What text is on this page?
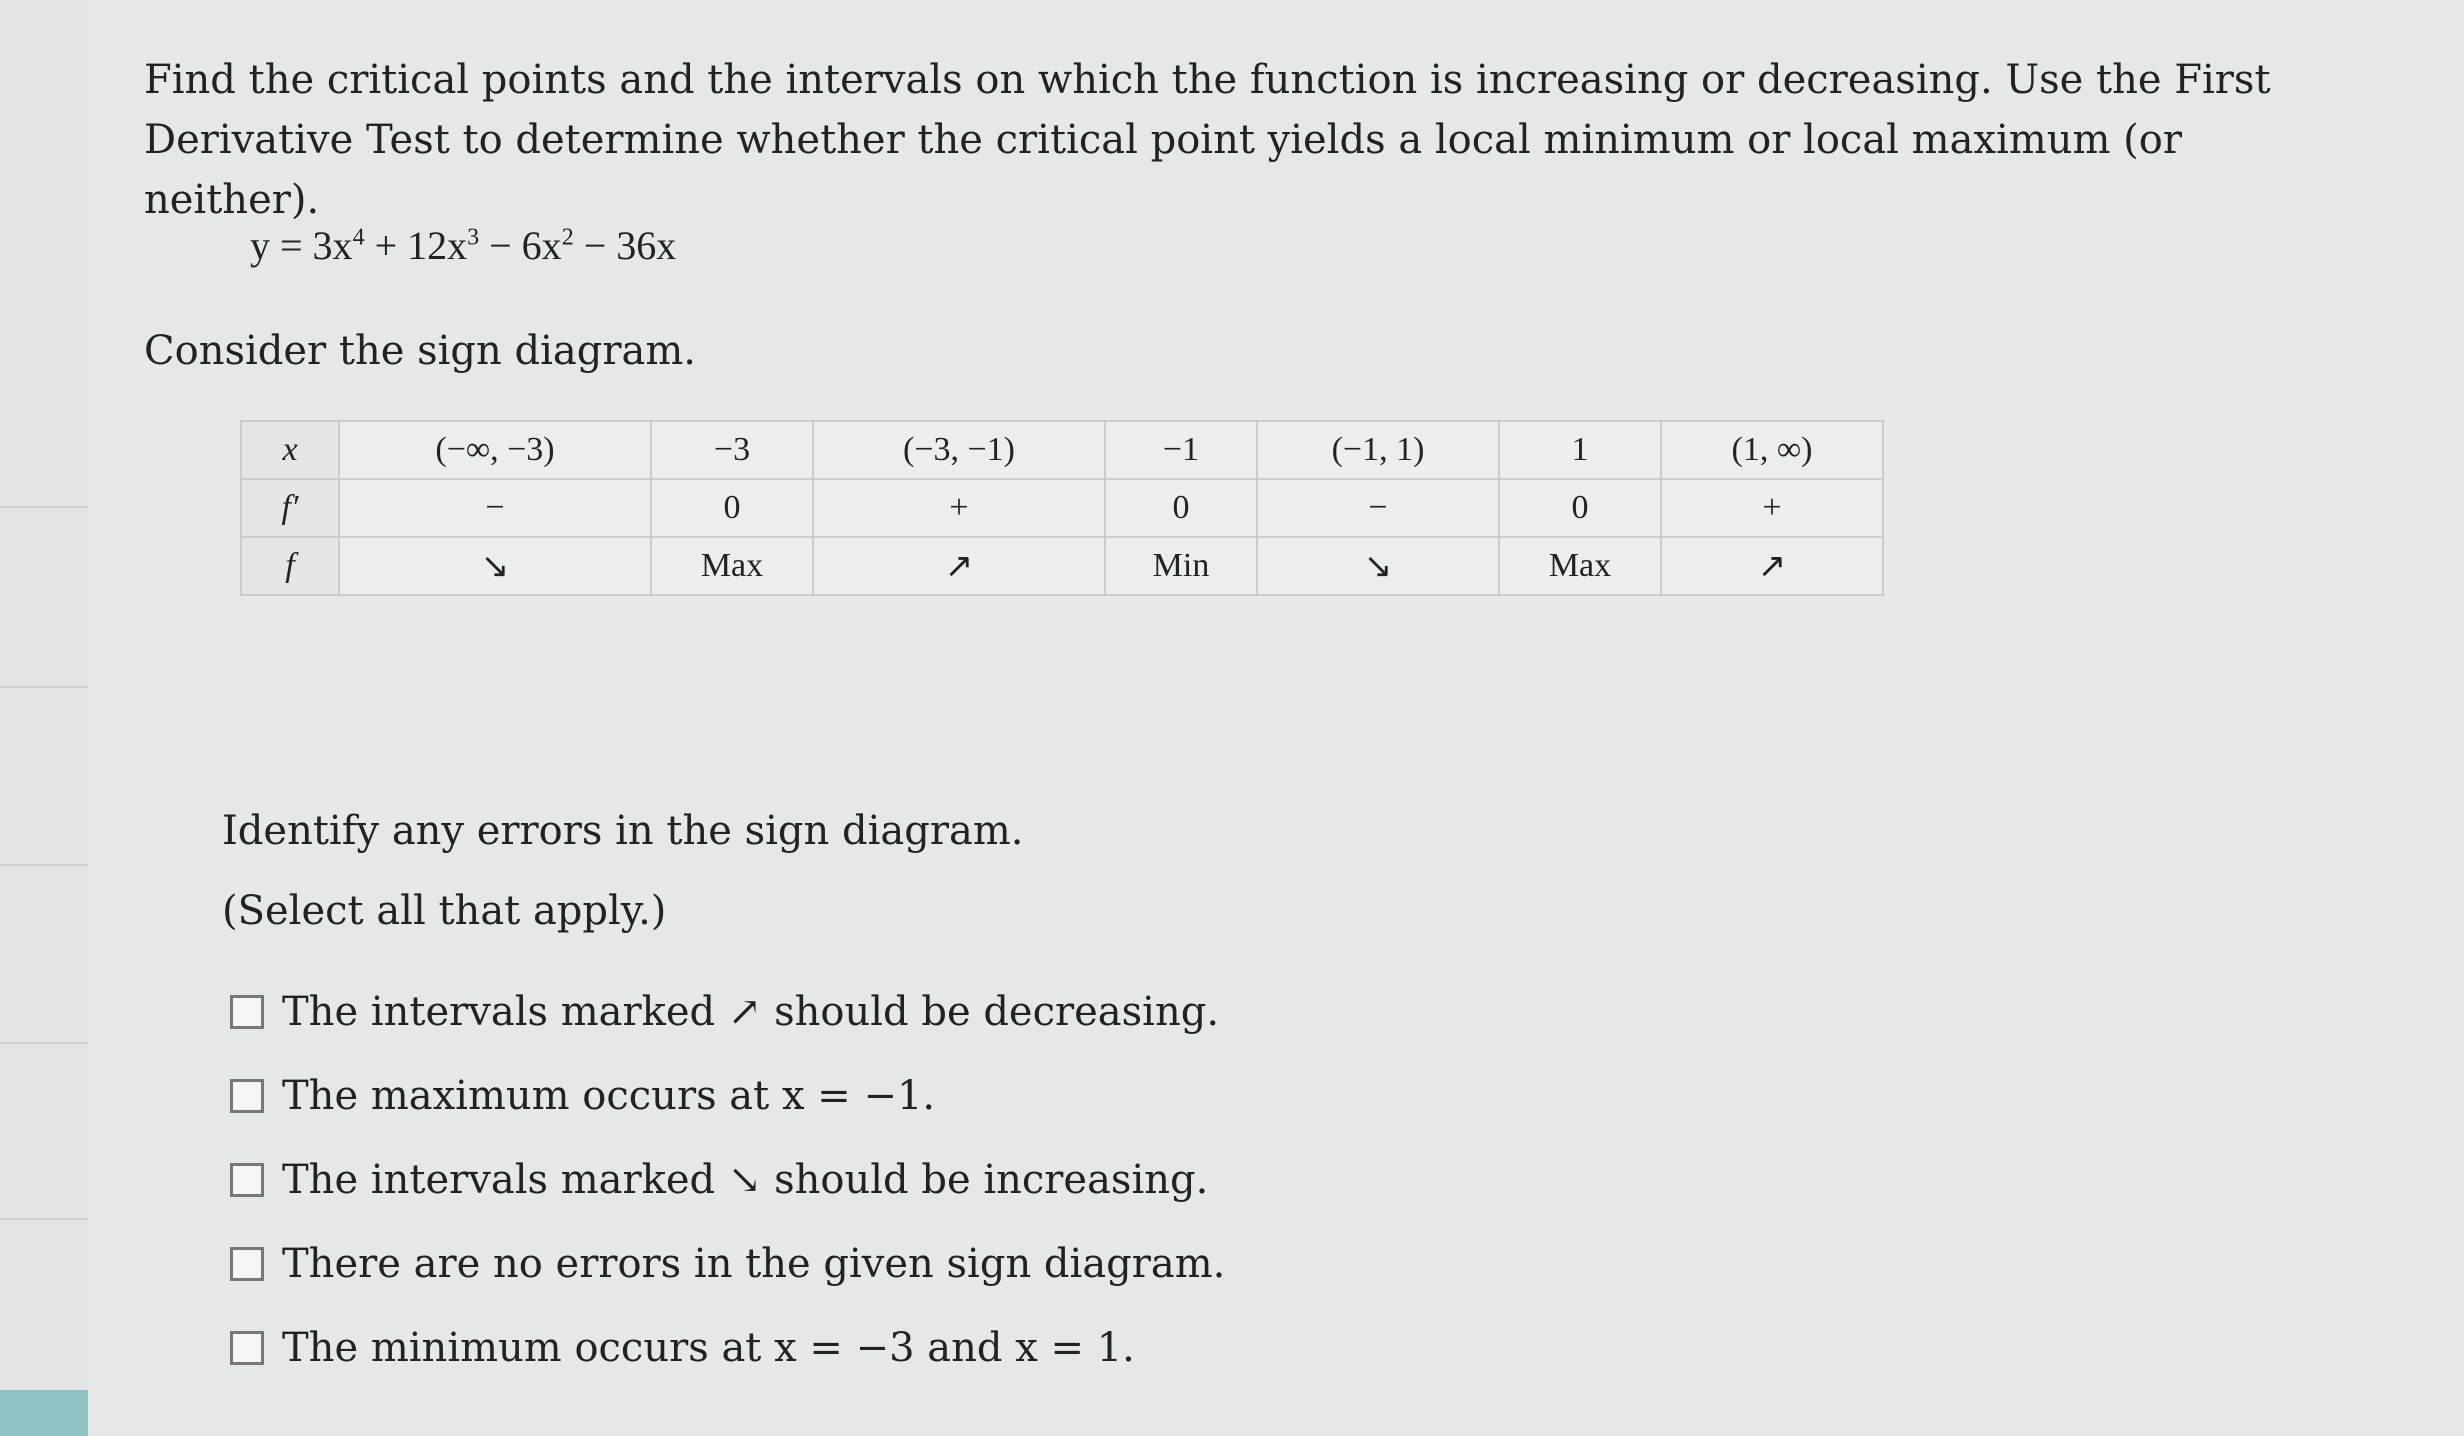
Find the critical points and the intervals on which the function is increasing or decreasing. Use the First Derivative Test to determine whether the critical point yields a local minimum or local maximum (or neither).
$y = 3x^4 + 12x^3 - 6x^2 - 36x$
Consider the sign diagram.
x	(−∞, −3)	−3	(−3, −1)	−1	(−1, 1)	1	(1, ∞)
f′	−	0	+	0	−	0	+
f	↘	Max	↗	Min	↘	Max	↗
Identify any errors in the sign diagram.
(Select all that apply.)
The intervals marked ↗ should be decreasing.
The maximum occurs at x = −1.
The intervals marked ↘ should be increasing.
There are no errors in the given sign diagram.
The minimum occurs at x = −3 and x = 1.
